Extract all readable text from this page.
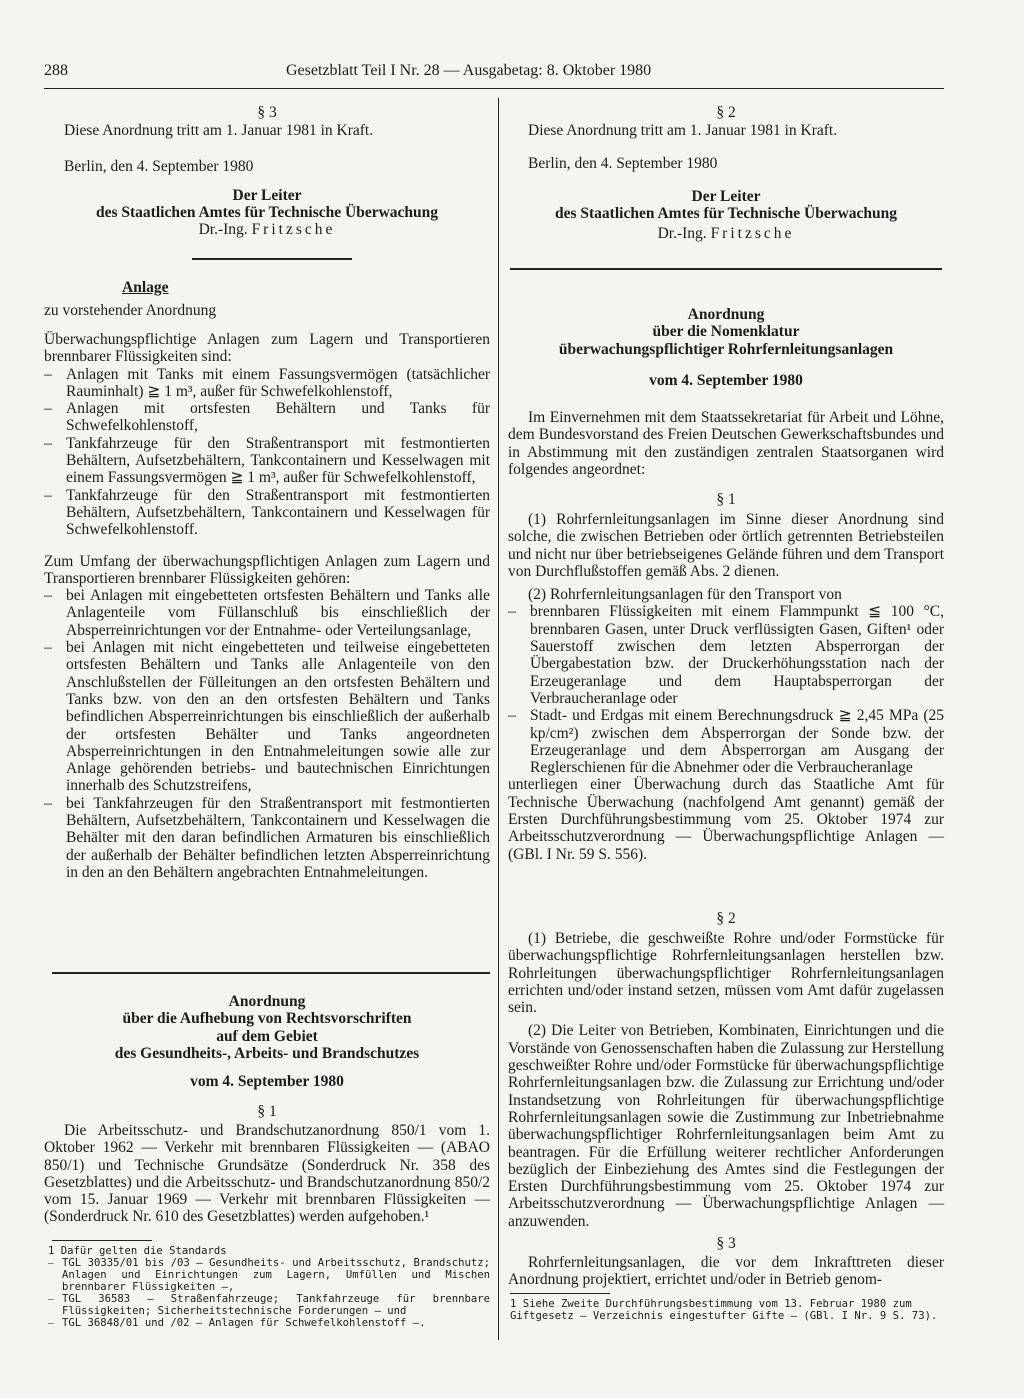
288	Gesetzblatt Teil I Nr. 28 — Ausgabetag: 8. Oktober 1980

§ 3

Diese Anordnung tritt am 1. Januar 1981 in Kraft.

Berlin, den 4. September 1980

Der Leiter

des Staatlichen Amtes für Technische Überwachung

Dr.-Ing. Fritzsche

Anlage

zu vorstehender Anordnung

Überwachungspflichtige Anlagen zum Lagern und Transportieren brennbarer Flüssigkeiten sind:

– Anlagen mit Tanks mit einem Fassungsvermögen (tatsächlicher Rauminhalt) ≧ 1 m³, außer für Schwefelkohlenstoff,
– Anlagen mit ortsfesten Behältern und Tanks für Schwefelkohlenstoff,
– Tankfahrzeuge für den Straßentransport mit festmontierten Behältern, Aufsetzbehältern, Tankcontainern und Kesselwagen mit einem Fassungsvermögen ≧ 1 m³, außer für Schwefelkohlenstoff,
– Tankfahrzeuge für den Straßentransport mit festmontierten Behältern, Aufsetzbehältern, Tankcontainern und Kesselwagen für Schwefelkohlenstoff.

Zum Umfang der überwachungspflichtigen Anlagen zum Lagern und Transportieren brennbarer Flüssigkeiten gehören:

– bei Anlagen mit eingebetteten ortsfesten Behältern und Tanks alle Anlagenteile vom Füllanschluß bis einschließlich der Absperreinrichtungen vor der Entnahme- oder Verteilungsanlage,
– bei Anlagen mit nicht eingebetteten und teilweise eingebetteten ortsfesten Behältern und Tanks alle Anlagenteile von den Anschlußstellen der Fülleitungen an den ortsfesten Behältern und Tanks bzw. von den an den ortsfesten Behältern und Tanks befindlichen Absperreinrichtungen bis einschließlich der außerhalb der ortsfesten Behälter und Tanks angeordneten Absperreinrichtungen in den Entnahmeleitungen sowie alle zur Anlage gehörenden betriebs- und bautechnischen Einrichtungen innerhalb des Schutzstreifens,
– bei Tankfahrzeugen für den Straßentransport mit festmontierten Behältern, Aufsetzbehältern, Tankcontainern und Kesselwagen die Behälter mit den daran befindlichen Armaturen bis einschließlich der außerhalb der Behälter befindlichen letzten Absperreinrichtung in den an den Behältern angebrachten Entnahmeleitungen.

Anordnung

über die Aufhebung von Rechtsvorschriften

auf dem Gebiet

des Gesundheits-, Arbeits- und Brandschutzes

vom 4. September 1980

§ 1

Die Arbeitsschutz- und Brandschutzanordnung 850/1 vom 1. Oktober 1962 — Verkehr mit brennbaren Flüssigkeiten — (ABAO 850/1) und Technische Grundsätze (Sonderdruck Nr. 358 des Gesetzblattes) und die Arbeitsschutz- und Brandschutzanordnung 850/2 vom 15. Januar 1969 — Verkehr mit brennbaren Flüssigkeiten — (Sonderdruck Nr. 610 des Gesetzblattes) werden aufgehoben.¹

1 Dafür gelten die Standards

– TGL 30335/01 bis /03 — Gesundheits- und Arbeitsschutz, Brandschutz; Anlagen und Einrichtungen zum Lagern, Umfüllen und Mischen brennbarer Flüssigkeiten —,
– TGL 36583 — Straßenfahrzeuge; Tankfahrzeuge für brennbare Flüssigkeiten; Sicherheitstechnische Forderungen — und
– TGL 36848/01 und /02 — Anlagen für Schwefelkohlenstoff —.

§ 2

Diese Anordnung tritt am 1. Januar 1981 in Kraft.

Berlin, den 4. September 1980

Der Leiter

des Staatlichen Amtes für Technische Überwachung

Dr.-Ing. Fritzsche

Anordnung

über die Nomenklatur

überwachungspflichtiger Rohrfernleitungsanlagen

vom 4. September 1980

Im Einvernehmen mit dem Staatssekretariat für Arbeit und Löhne, dem Bundesvorstand des Freien Deutschen Gewerkschaftsbundes und in Abstimmung mit den zuständigen zentralen Staatsorganen wird folgendes angeordnet:

§ 1

(1) Rohrfernleitungsanlagen im Sinne dieser Anordnung sind solche, die zwischen Betrieben oder örtlich getrennten Betriebsteilen und nicht nur über betriebseigenes Gelände führen und dem Transport von Durchflußstoffen gemäß Abs. 2 dienen.

(2) Rohrfernleitungsanlagen für den Transport von

– brennbaren Flüssigkeiten mit einem Flammpunkt ≦ 100 °C, brennbaren Gasen, unter Druck verflüssigten Gasen, Giften¹ oder Sauerstoff zwischen dem letzten Absperrorgan der Übergabestation bzw. der Druckerhöhungsstation nach der Erzeugeranlage und dem Hauptabsperrorgan der Verbraucheranlage oder
– Stadt- und Erdgas mit einem Berechnungsdruck ≧ 2,45 MPa (25 kp/cm²) zwischen dem Absperrorgan der Sonde bzw. der Erzeugeranlage und dem Absperrorgan am Ausgang der Reglerschienen für die Abnehmer oder die Verbraucheranlage

unterliegen einer Überwachung durch das Staatliche Amt für Technische Überwachung (nachfolgend Amt genannt) gemäß der Ersten Durchführungsbestimmung vom 25. Oktober 1974 zur Arbeitsschutzverordnung — Überwachungspflichtige Anlagen — (GBl. I Nr. 59 S. 556).

§ 2

(1) Betriebe, die geschweißte Rohre und/oder Formstücke für überwachungspflichtige Rohrfernleitungsanlagen herstellen bzw. Rohrleitungen überwachungspflichtiger Rohrfernleitungsanlagen errichten und/oder instand setzen, müssen vom Amt dafür zugelassen sein.

(2) Die Leiter von Betrieben, Kombinaten, Einrichtungen und die Vorstände von Genossenschaften haben die Zulassung zur Herstellung geschweißter Rohre und/oder Formstücke für überwachungspflichtige Rohrfernleitungsanlagen bzw. die Zulassung zur Errichtung und/oder Instandsetzung von Rohrleitungen für überwachungspflichtige Rohrfernleitungsanlagen sowie die Zustimmung zur Inbetriebnahme überwachungspflichtiger Rohrfernleitungsanlagen beim Amt zu beantragen. Für die Erfüllung weiterer rechtlicher Anforderungen bezüglich der Einbeziehung des Amtes sind die Festlegungen der Ersten Durchführungsbestimmung vom 25. Oktober 1974 zur Arbeitsschutzverordnung — Überwachungspflichtige Anlagen — anzuwenden.

§ 3

Rohrfernleitungsanlagen, die vor dem Inkrafttreten dieser Anordnung projektiert, errichtet und/oder in Betrieb genom-

1 Siehe Zweite Durchführungsbestimmung vom 13. Februar 1980 zum Giftgesetz — Verzeichnis eingestufter Gifte — (GBl. I Nr. 9 S. 73).
